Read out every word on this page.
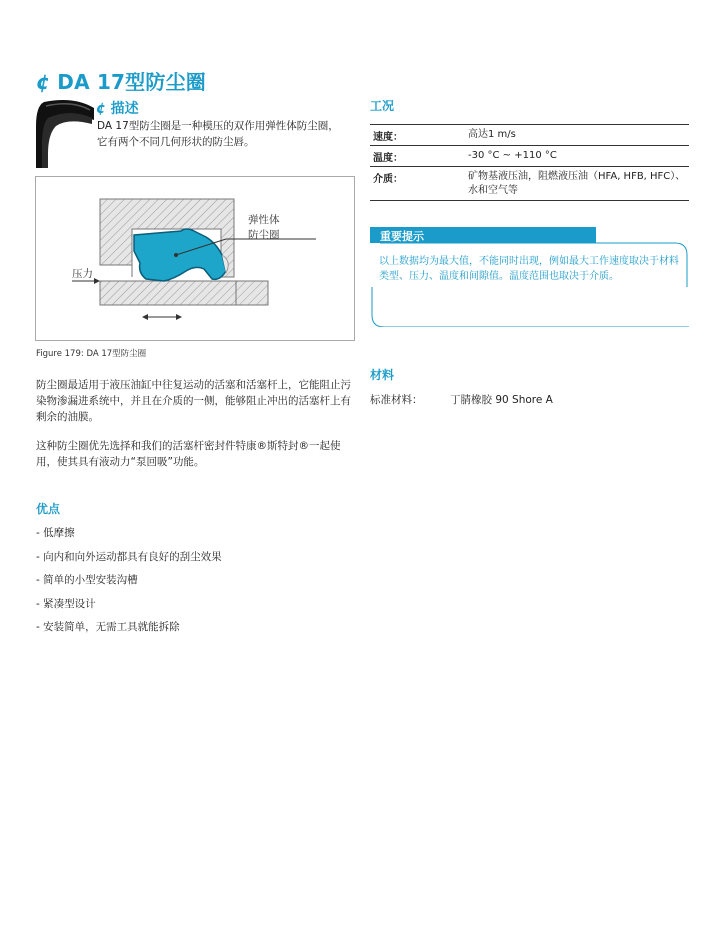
¢ DA 17型防尘圈
¢ 描述
DA 17型防尘圈是一种模压的双作用弹性体防尘圈，它有两个不同几何形状的防尘唇。
弹性体
防尘圈
压力
Figure 179: DA 17型防尘圈
防尘圈最适用于液压油缸中往复运动的活塞和活塞杆上，它能阻止污染物渗漏进系统中，并且在介质的一侧，能够阻止冲出的活塞杆上有剩余的油膜。
这种防尘圈优先选择和我们的活塞杆密封件特康®斯特封®一起使用，使其具有液动力“泵回吸”功能。
优点
- 低摩擦
- 向内和向外运动都具有良好的刮尘效果
- 简单的小型安装沟槽
- 紧凑型设计
- 安装简单，无需工具就能拆除
工况
速度：	高达1 m/s
温度：	-30 °C ~ +110 °C
介质：	矿物基液压油，阻燃液压油（HFA, HFB, HFC）、水和空气等
重要提示
以上数据均为最大值，不能同时出现，例如最大工作速度取决于材料类型、压力、温度和间隙值。温度范围也取决于介质。
材料
标准材料：	丁腈橡胶 90 Shore A
